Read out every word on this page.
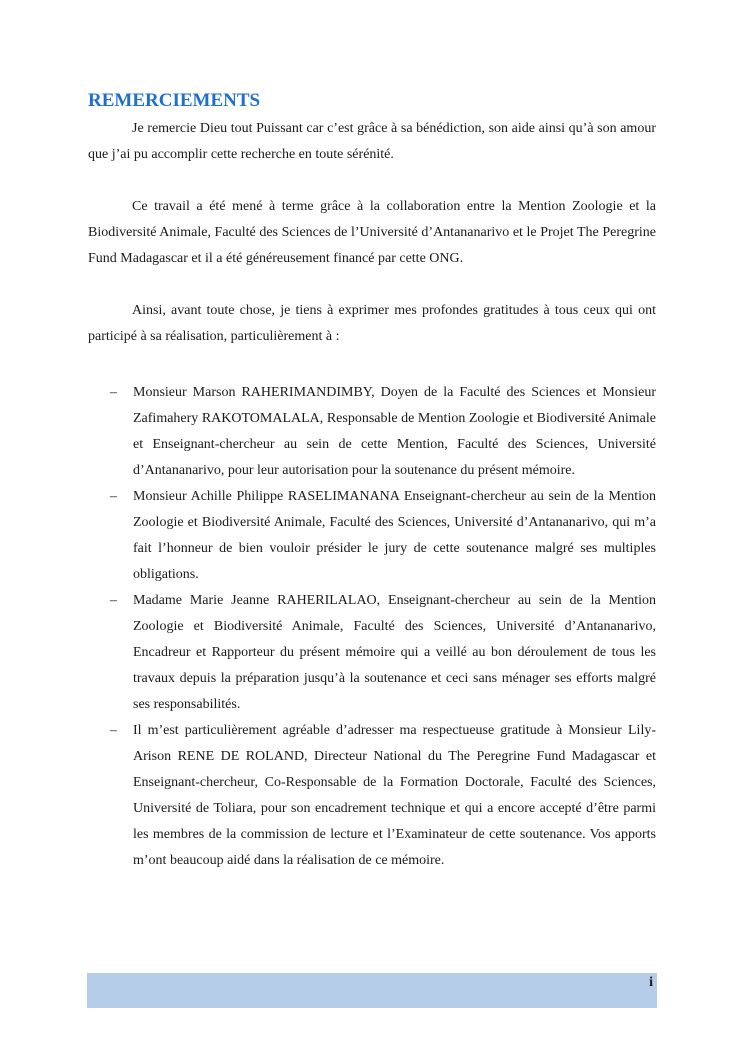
REMERCIEMENTS

Je remercie Dieu tout Puissant car c’est grâce à sa bénédiction, son aide ainsi qu’à son amour que j’ai pu accomplir cette recherche en toute sérénité.

Ce travail a été mené à terme grâce à la collaboration entre la Mention Zoologie et la Biodiversité Animale, Faculté des Sciences de l’Université d’Antananarivo et le Projet The Peregrine Fund Madagascar et il a été généreusement financé par cette ONG.

Ainsi, avant toute chose, je tiens à exprimer mes profondes gratitudes à tous ceux qui ont participé à sa réalisation, particulièrement à :

– Monsieur Marson RAHERIMANDIMBY, Doyen de la Faculté des Sciences et Monsieur Zafimahery RAKOTOMALALA, Responsable de Mention Zoologie et Biodiversité Animale et Enseignant-chercheur au sein de cette Mention, Faculté des Sciences, Université d’Antananarivo, pour leur autorisation pour la soutenance du présent mémoire.
– Monsieur Achille Philippe RASELIMANANA Enseignant-chercheur au sein de la Mention Zoologie et Biodiversité Animale, Faculté des Sciences, Université d’Antananarivo, qui m’a fait l’honneur de bien vouloir présider le jury de cette soutenance malgré ses multiples obligations.
– Madame Marie Jeanne RAHERILALAO, Enseignant-chercheur au sein de la Mention Zoologie et Biodiversité Animale, Faculté des Sciences, Université d’Antananarivo, Encadreur et Rapporteur du présent mémoire qui a veillé au bon déroulement de tous les travaux depuis la préparation jusqu’à la soutenance et ceci sans ménager ses efforts malgré ses responsabilités.
– Il m’est particulièrement agréable d’adresser ma respectueuse gratitude à Monsieur Lily-Arison RENE DE ROLAND, Directeur National du The Peregrine Fund Madagascar et Enseignant-chercheur, Co-Responsable de la Formation Doctorale, Faculté des Sciences, Université de Toliara, pour son encadrement technique et qui a encore accepté d’être parmi les membres de la commission de lecture et l’Examinateur de cette soutenance. Vos apports m’ont beaucoup aidé dans la réalisation de ce mémoire.
i
